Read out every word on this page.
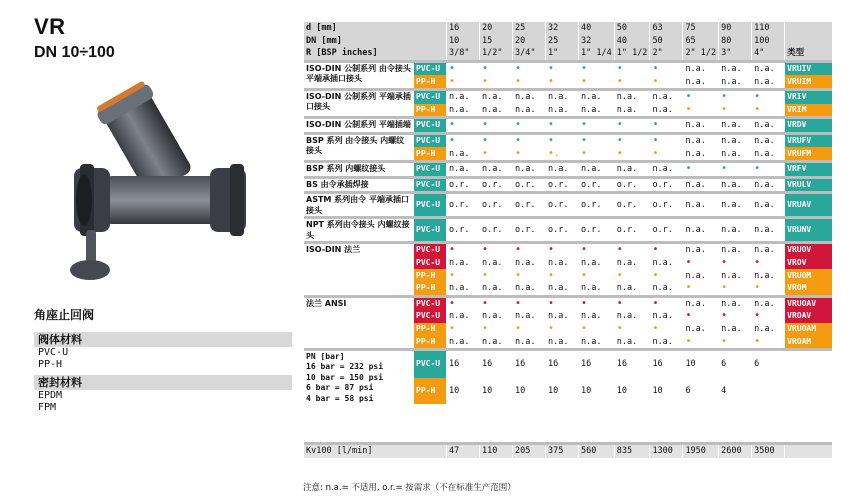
VR
DN 10÷100
角座止回阀
阀体材料
PVC-U
PP-H
密封材料
EPDM
FPM
d [mm]		16	20	25	32	40	50	63	75	90	110	
DN [mm]		10	15	20	25	32	40	50	65	80	100	
R [BSP inches]		3/8"	1/2"	3/4"	1"	1" 1/4	1" 1/2	2"	2" 1/2	3"	4"	类型

ISO-DIN 公制系列 由令接头 平端承插口接头	PVC-U	•	•	•	•	•	•	•	n.a.	n.a.	n.a.	VRUIV
	PP-H	•	•	•	•	•	•	•	n.a.	n.a.	n.a.	VRUIM

ISO-DIN 公制系列 平端承插口接头	PVC-U	n.a.	n.a.	n.a.	n.a.	n.a.	n.a.	n.a.	•	•	•	VRIV
	PP-H	n.a.	n.a.	n.a.	n.a.	n.a.	n.a.	n.a.	•	•	•	VRIM

ISO-DIN 公制系列 平端插端	PVC-U	•	•	•	•	•	•	•	n.a.	n.a.	n.a.	VRDV

BSP 系列 由令接头 内螺纹接头	PVC-U	•	•	•	•	•	•	•	n.a.	n.a.	n.a.	VRUFV
	PP-H	n.a.	•	•	•.	•	•	•	n.a.	n.a.	n.a.	VRUFM

BSP 系列 内螺纹接头	PVC-U	n.a.	n.a.	n.a.	n.a.	n.a.	n.a.	n.a.	•	•	•	VRFV

BS 由令承插焊接	PVC-U	o.r.	o.r.	o.r.	o.r.	o.r.	o.r.	o.r.	n.a.	n.a.	n.a.	VRULV

ASTM 系列由令 平端承插口接头	PVC-U	o.r.	o.r.	o.r.	o.r.	o.r.	o.r.	o.r.	n.a.	n.a.	n.a.	VRUAV

NPT 系列由令接头 内螺纹接头	PVC-U	o.r.	o.r.	o.r.	o.r.	o.r.	o.r.	o.r.	n.a.	n.a.	n.a.	VRUNV

ISO-DIN 法兰	PVC-U	•	•	•	•	•	•	•	n.a.	n.a.	n.a.	VRUOV
	PVC-U	n.a.	n.a.	n.a.	n.a.	n.a.	n.a.	n.a.	•	•	•	VROV
	PP-H	•	•	•	•	•	•	•	n.a.	n.a.	n.a.	VRUOM
	PP-H	n.a.	n.a.	n.a.	n.a.	n.a.	n.a.	n.a.	•	•	•	VROM

法兰 ANSI	PVC-U	•	•	•	•	•	•	•	n.a.	n.a.	n.a.	VRUOAV
	PVC-U	n.a.	n.a.	n.a.	n.a.	n.a.	n.a.	n.a.	•	•	•	VROAV
	PP-H	•	•	•	•	•	•	•	n.a.	n.a.	n.a.	VRUOAM
	PP-H	n.a.	n.a.	n.a.	n.a.	n.a.	n.a.	n.a.	•	•	•	VROAM

PN [bar]
16 bar = 232 psi
10 bar = 150 psi
6 bar = 87 psi
4 bar = 58 psi	PVC-U	16	16	16	16	16	16	16	10	6	6	
	PP-H	10	10	10	10	10	10	10	6	4		

Kv100 [l/min]		47	110	205	375	560	835	1300	1950	2600	3500	
注意: n.a.= 不适用, o.r.= 按需求（不在标准生产范围）
